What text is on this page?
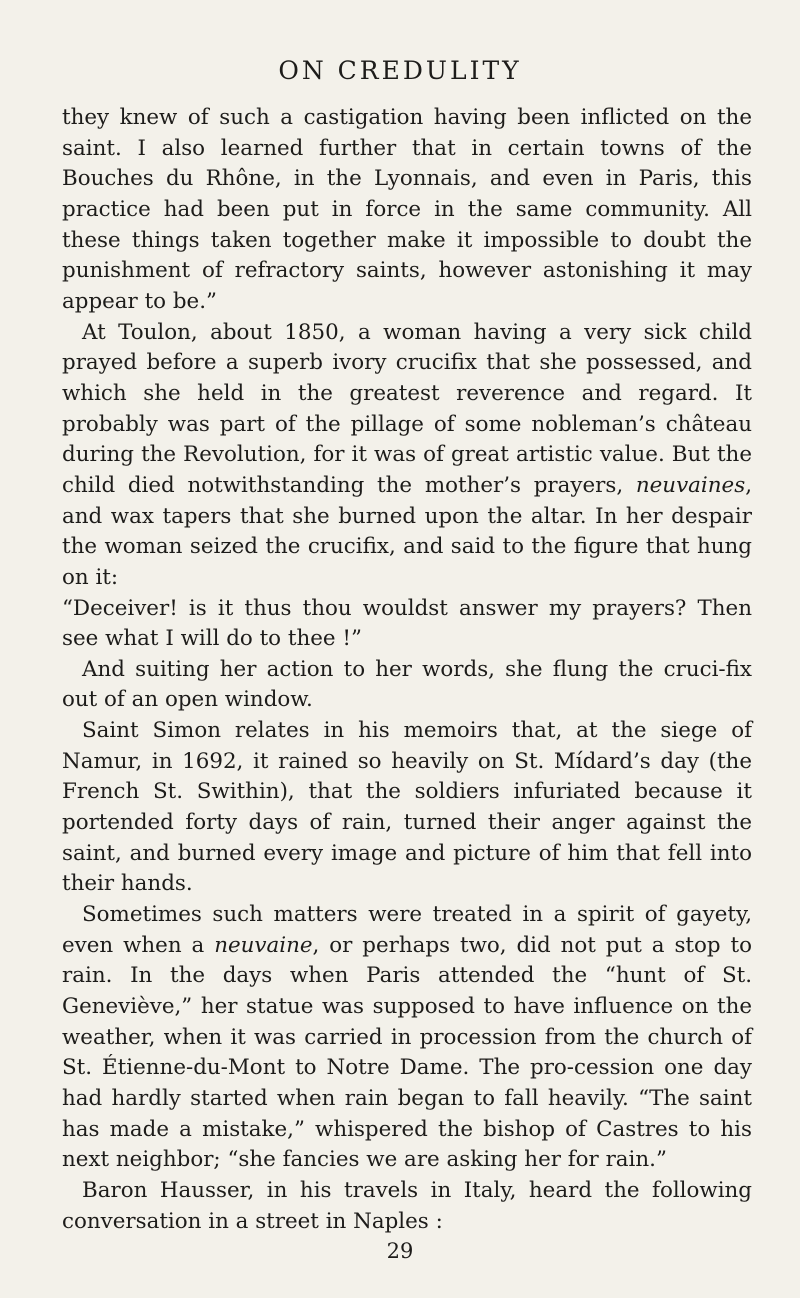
ON CREDULITY

they knew of such a castigation having been inflicted on the saint. I also learned further that in certain towns of the Bouches du Rhône, in the Lyonnais, and even in Paris, this practice had been put in force in the same community. All these things taken together make it impossible to doubt the punishment of refractory saints, however astonishing it may appear to be.”

At Toulon, about 1850, a woman having a very sick child prayed before a superb ivory crucifix that she possessed, and which she held in the greatest reverence and regard. It probably was part of the pillage of some nobleman’s château during the Revolution, for it was of great artistic value. But the child died notwithstanding the mother’s prayers, neuvaines, and wax tapers that she burned upon the altar. In her despair the woman seized the crucifix, and said to the figure that hung on it:

“Deceiver! is it thus thou wouldst answer my prayers? Then see what I will do to thee !”

And suiting her action to her words, she flung the cruci-fix out of an open window.

Saint Simon relates in his memoirs that, at the siege of Namur, in 1692, it rained so heavily on St. Mídard’s day (the French St. Swithin), that the soldiers infuriated because it portended forty days of rain, turned their anger against the saint, and burned every image and picture of him that fell into their hands.

Sometimes such matters were treated in a spirit of gayety, even when a neuvaine, or perhaps two, did not put a stop to rain. In the days when Paris attended the “hunt of St. Geneviève,” her statue was supposed to have influence on the weather, when it was carried in procession from the church of St. Étienne-du-Mont to Notre Dame. The pro-cession one day had hardly started when rain began to fall heavily. “The saint has made a mistake,” whispered the bishop of Castres to his next neighbor; “she fancies we are asking her for rain.”

Baron Hausser, in his travels in Italy, heard the following conversation in a street in Naples :

29
